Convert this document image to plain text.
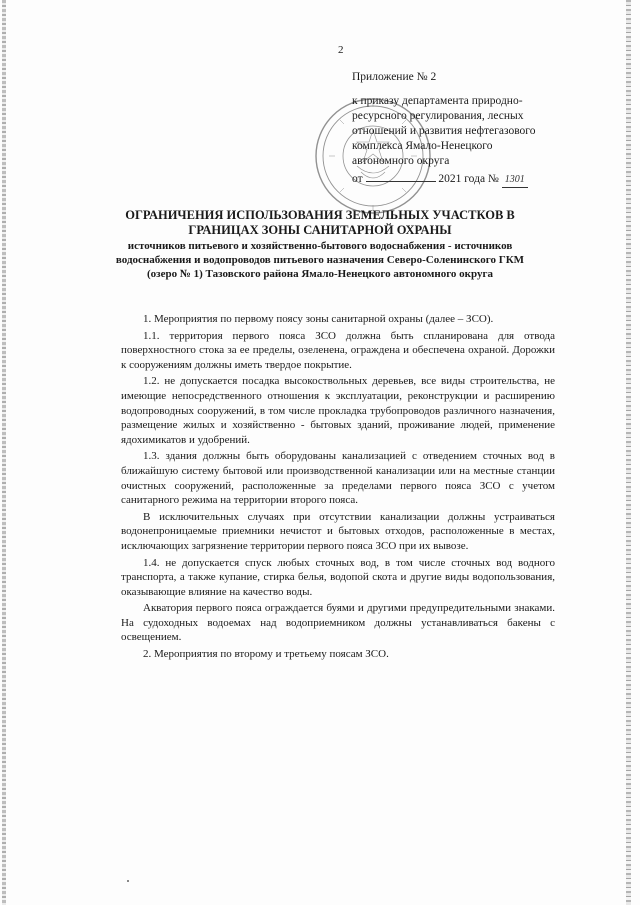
2
Приложение № 2
к приказу департамента природно-
ресурсного регулирования, лесных
отношений и развития нефтегазового
комплекса Ямало-Ненецкого
автономного округа
от	2021 года № 1301
ОГРАНИЧЕНИЯ ИСПОЛЬЗОВАНИЯ ЗЕМЕЛЬНЫХ УЧАСТКОВ В ГРАНИЦАХ ЗОНЫ САНИТАРНОЙ ОХРАНЫ
источников питьевого и хозяйственно-бытового водоснабжения - источников водоснабжения и водопроводов питьевого назначения Северо-Соленинского ГКМ (озеро № 1) Тазовского района Ямало-Ненецкого автономного округа

1. Мероприятия по первому поясу зоны санитарной охраны (далее – ЗСО).

1.1. территория первого пояса ЗСО должна быть спланирована для отвода поверхностного стока за ее пределы, озеленена, ограждена и обеспечена охраной. Дорожки к сооружениям должны иметь твердое покрытие.

1.2. не допускается посадка высокоствольных деревьев, все виды строительства, не имеющие непосредственного отношения к эксплуатации, реконструкции и расширению водопроводных сооружений, в том числе прокладка трубопроводов различного назначения, размещение жилых и хозяйственно - бытовых зданий, проживание людей, применение ядохимикатов и удобрений.

1.3. здания должны быть оборудованы канализацией с отведением сточных вод в ближайшую систему бытовой или производственной канализации или на местные станции очистных сооружений, расположенные за пределами первого пояса ЗСО с учетом санитарного режима на территории второго пояса.

В исключительных случаях при отсутствии канализации должны устраиваться водонепроницаемые приемники нечистот и бытовых отходов, расположенные в местах, исключающих загрязнение территории первого пояса ЗСО при их вывозе.

1.4. не допускается спуск любых сточных вод, в том числе сточных вод водного транспорта, а также купание, стирка белья, водопой скота и другие виды водопользования, оказывающие влияние на качество воды.

Акватория первого пояса ограждается буями и другими предупредительными знаками. На судоходных водоемах над водоприемником должны устанавливаться бакены с освещением.

2. Мероприятия по второму и третьему поясам ЗСО.
